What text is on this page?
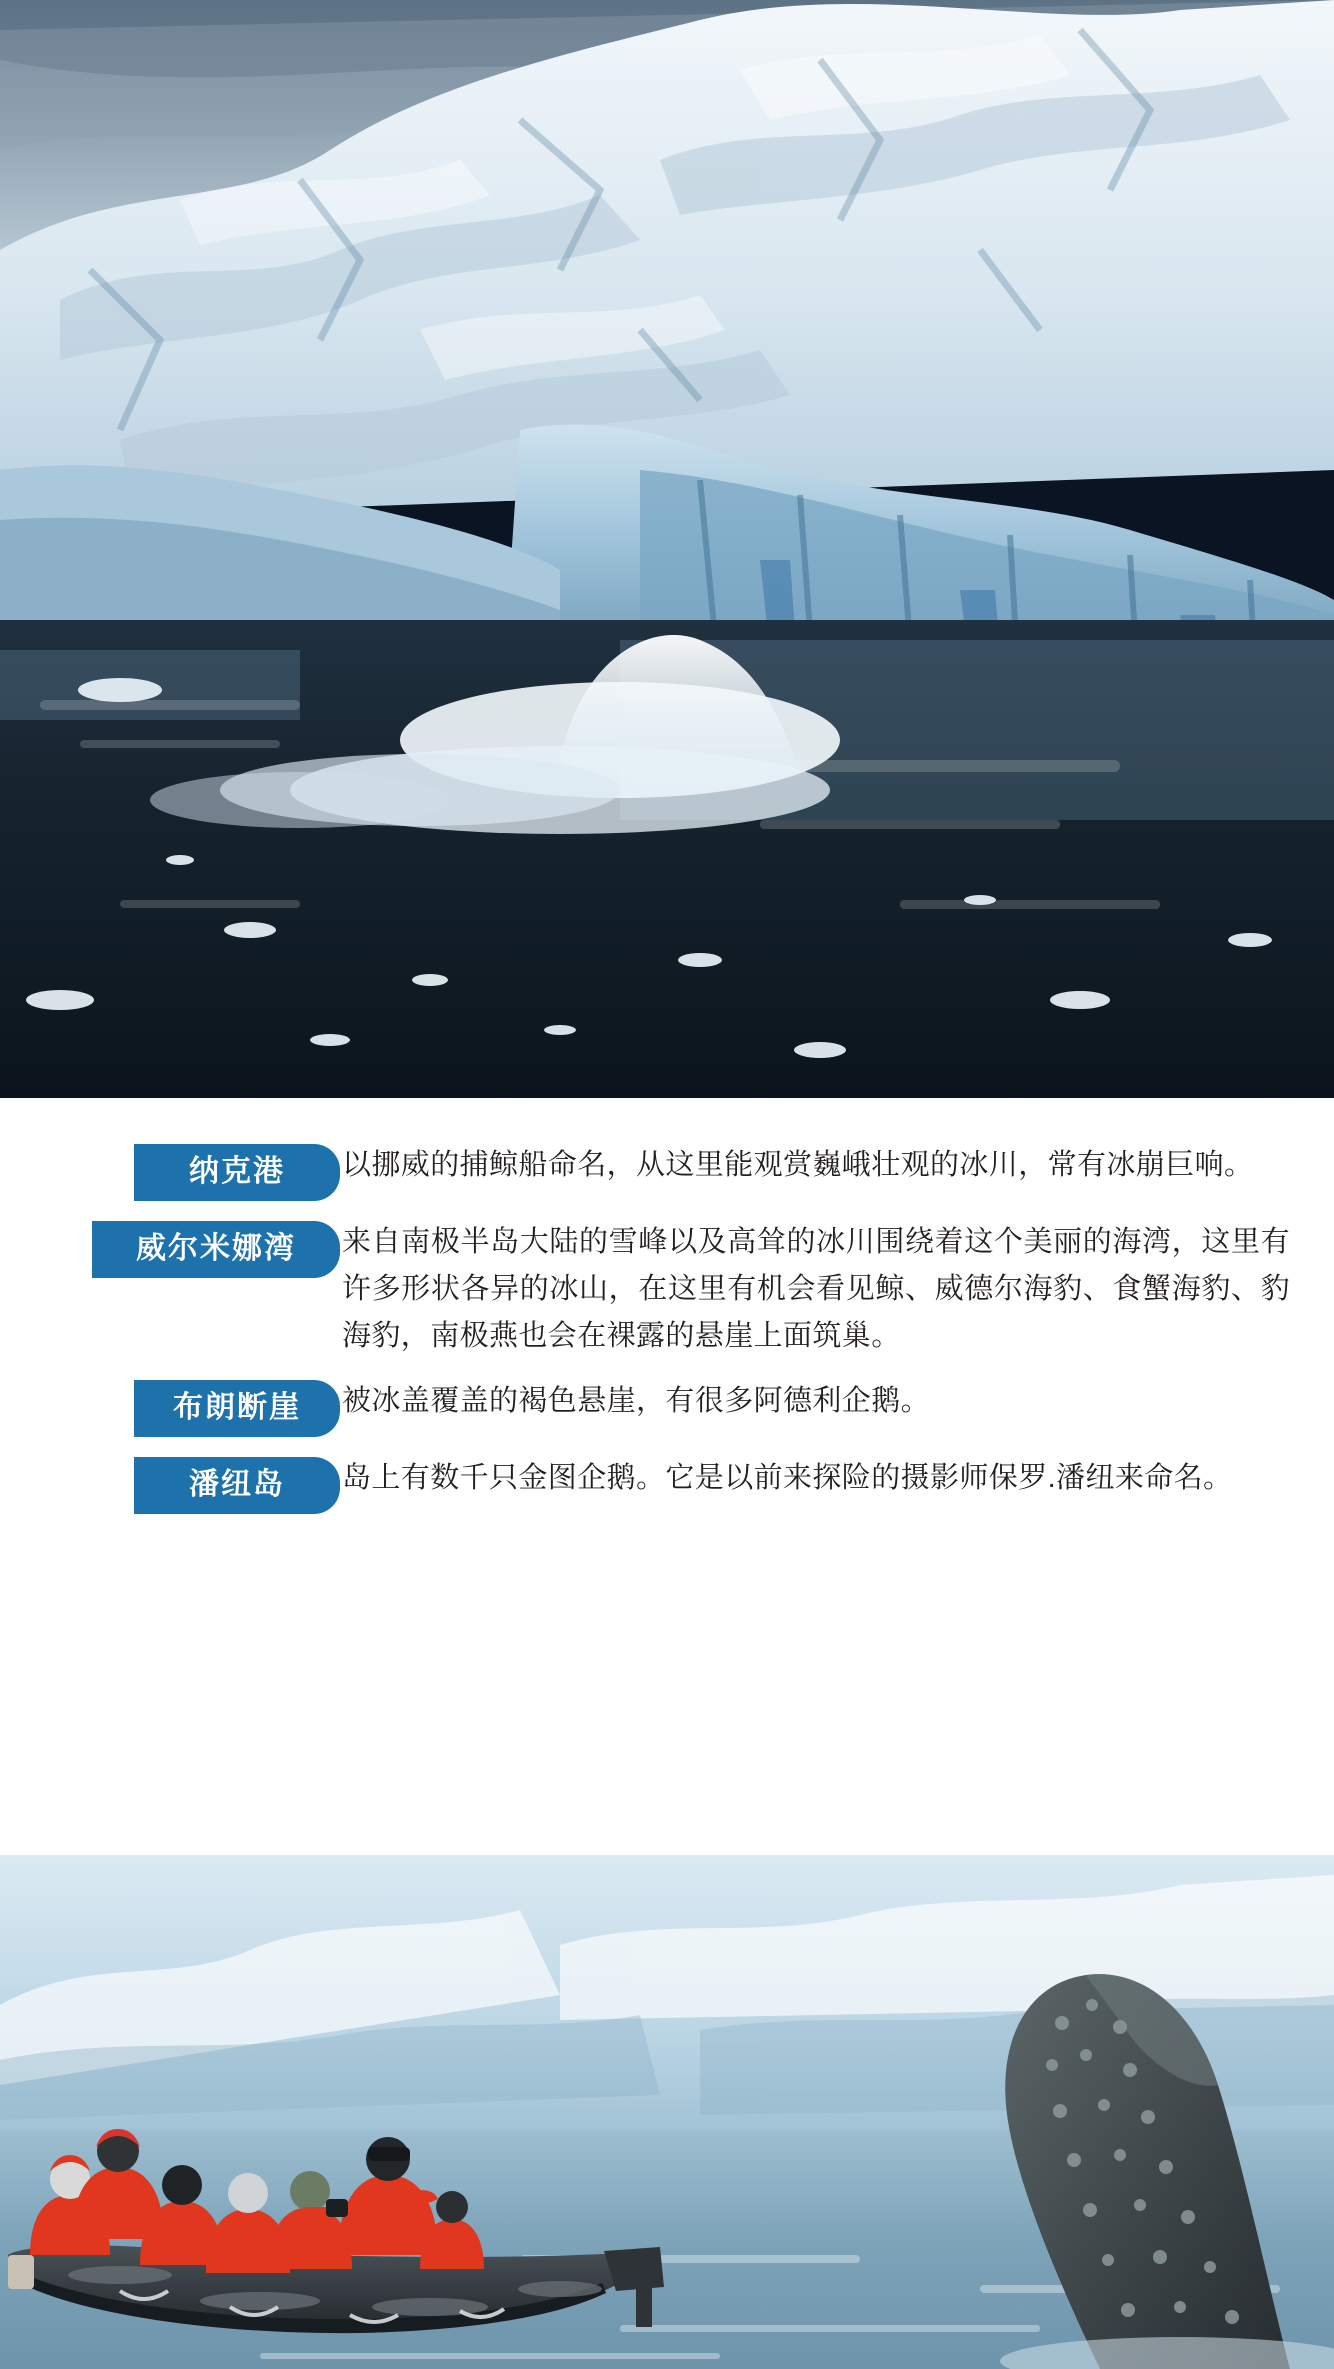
纳克港	以挪威的捕鲸船命名，从这里能观赏巍峨壮观的冰川，常有冰崩巨响。
威尔米娜湾	来自南极半岛大陆的雪峰以及高耸的冰川围绕着这个美丽的海湾，这里有许多形状各异的冰山，在这里有机会看见鲸、威德尔海豹、食蟹海豹、豹海豹，南极燕也会在裸露的悬崖上面筑巢。
布朗断崖	被冰盖覆盖的褐色悬崖，有很多阿德利企鹅。
潘纽岛	岛上有数千只金图企鹅。它是以前来探险的摄影师保罗.潘纽来命名。
